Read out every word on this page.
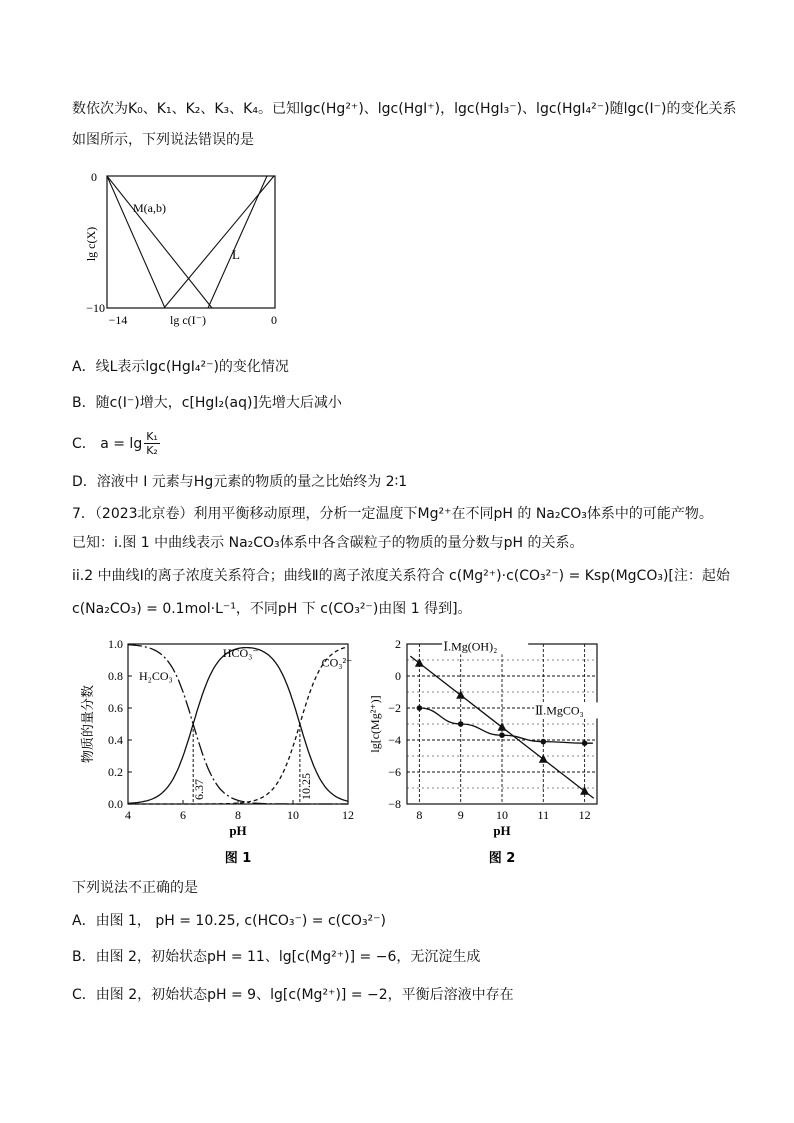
数依次为K₀、K₁、K₂、K₃、K₄。已知lgc(Hg²⁺)、lgc(HgI⁺)，lgc(HgI₃⁻)、lgc(HgI₄²⁻)随lgc(I⁻)的变化关系
如图所示，下列说法错误的是
0
−10
−14	0
lg c(I⁻)
lg c(X)
M(a,b)
L
A．线L表示lgc(HgI₄²⁻)的变化情况
B．随c(I⁻)增大，c[HgI₂(aq)]先增大后减小
C． $a = \lg \frac{\text{K₁}}{\text{K₂}}$
D．溶液中 I 元素与Hg元素的物质的量之比始终为 2∶1
7．（2023北京卷）利用平衡移动原理，分析一定温度下Mg²⁺在不同pH 的 Na₂CO₃体系中的可能产物。
已知：i.图 1 中曲线表示 Na₂CO₃体系中各含碳粒子的物质的量分数与pH 的关系。
ii.2 中曲线Ⅰ的离子浓度关系符合；曲线Ⅱ的离子浓度关系符合 c(Mg²⁺)·c(CO₃²⁻) = Ksp(MgCO₃)[注：起始
c(Na₂CO₃) = 0.1mol·L⁻¹，不同pH 下 c(CO₃²⁻)由图 1 得到]。
4	6	8	10	12
0.0
0.2
0.4
0.6
0.8
1.0
6.37	10.25
H₂CO₃
HCO₃⁻
CO₃²⁻
pH
物质的量分数
图 1
2
0
−2
−4
−6
−8
8	9	10 11 12
Ⅰ.Mg(OH)₂
Ⅱ.MgCO₃
pH
lg[c(Mg²⁺)]
图 2
下列说法不正确的是
A．由图 1， pH = 10.25, c(HCO₃⁻) = c(CO₃²⁻)
B．由图 2，初始状态pH = 11、lg[c(Mg²⁺)] = −6，无沉淀生成
C．由图 2，初始状态pH = 9、lg[c(Mg²⁺)] = −2，平衡后溶液中存在
